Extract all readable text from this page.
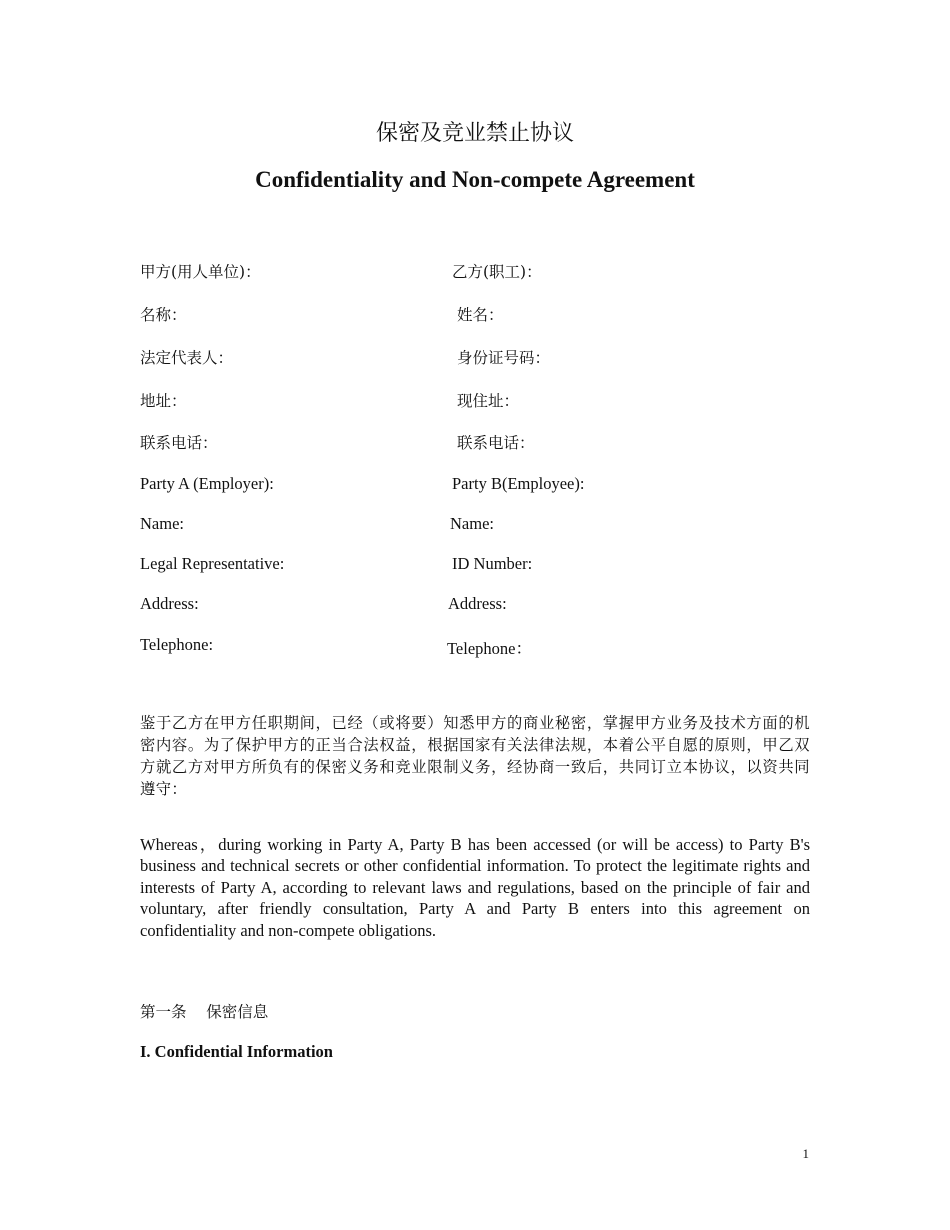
保密及竞业禁止协议
Confidentiality and Non-compete Agreement
甲方(用人单位)：	乙方(职工)：
名称：	姓名：
法定代表人：	身份证号码：
地址：	现住址：
联系电话：	联系电话：
Party A (Employer):	Party B(Employee):
Name:	Name:
Legal Representative:	ID Number:
Address:	Address:
Telephone:	Telephone：
鉴于乙方在甲方任职期间，已经（或将要）知悉甲方的商业秘密，掌握甲方业务及技术方面的机密内容。为了保护甲方的正当合法权益，根据国家有关法律法规，本着公平自愿的原则，甲乙双方就乙方对甲方所负有的保密义务和竞业限制义务，经协商一致后，共同订立本协议，以资共同遵守：
Whereas，during working in Party A, Party B has been accessed (or will be access) to Party B's business and technical secrets or other confidential information. To protect the legitimate rights and interests of Party A, according to relevant laws and regulations, based on the principle of fair and voluntary, after friendly consultation, Party A and Party B enters into this agreement on confidentiality and non-compete obligations.
第一条    保密信息
I. Confidential Information
1
